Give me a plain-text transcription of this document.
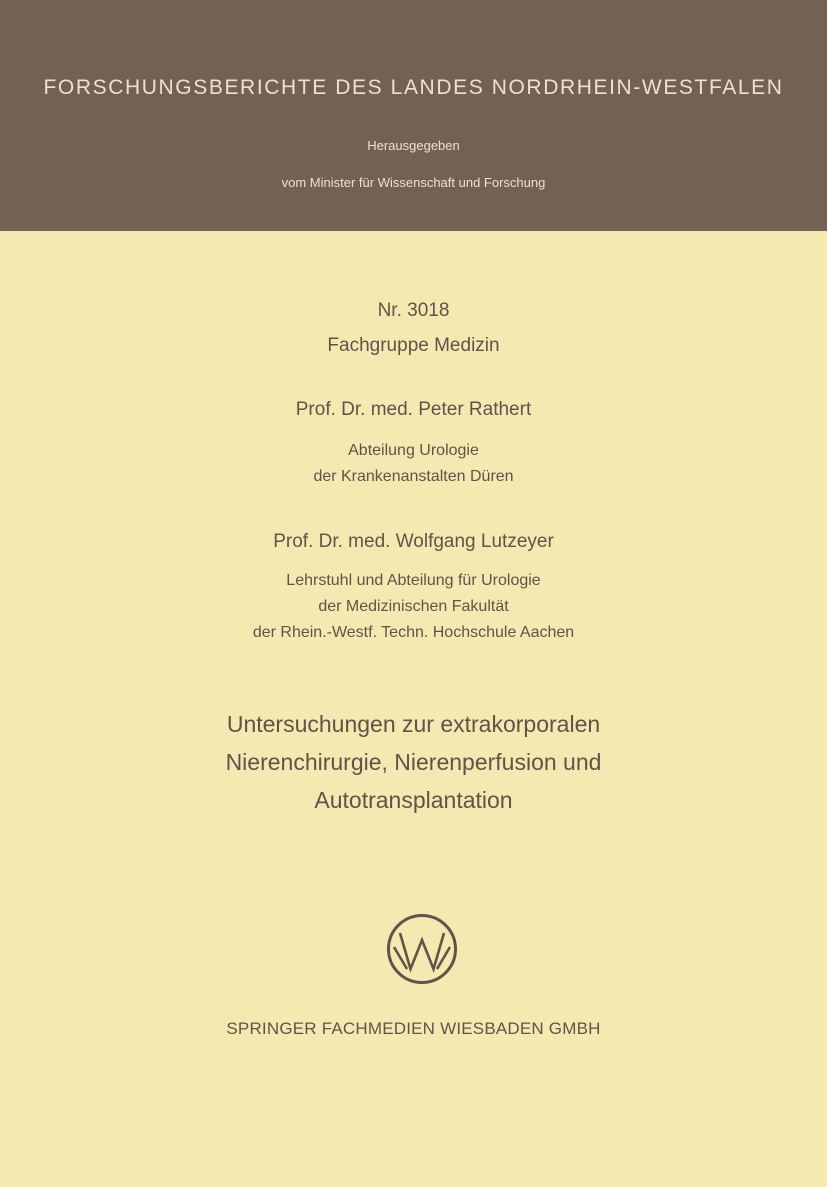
FORSCHUNGSBERICHTE DES LANDES NORDRHEIN-WESTFALEN
Herausgegeben
vom Minister für Wissenschaft und Forschung
Nr. 3018
Fachgruppe Medizin
Prof. Dr. med. Peter Rathert
Abteilung Urologie
der Krankenanstalten Düren
Prof. Dr. med. Wolfgang Lutzeyer
Lehrstuhl und Abteilung für Urologie
der Medizinischen Fakultät
der Rhein.-Westf. Techn. Hochschule Aachen
Untersuchungen zur extrakorporalen
Nierenchirurgie, Nierenperfusion und
Autotransplantation
SPRINGER FACHMEDIEN WIESBADEN GMBH
